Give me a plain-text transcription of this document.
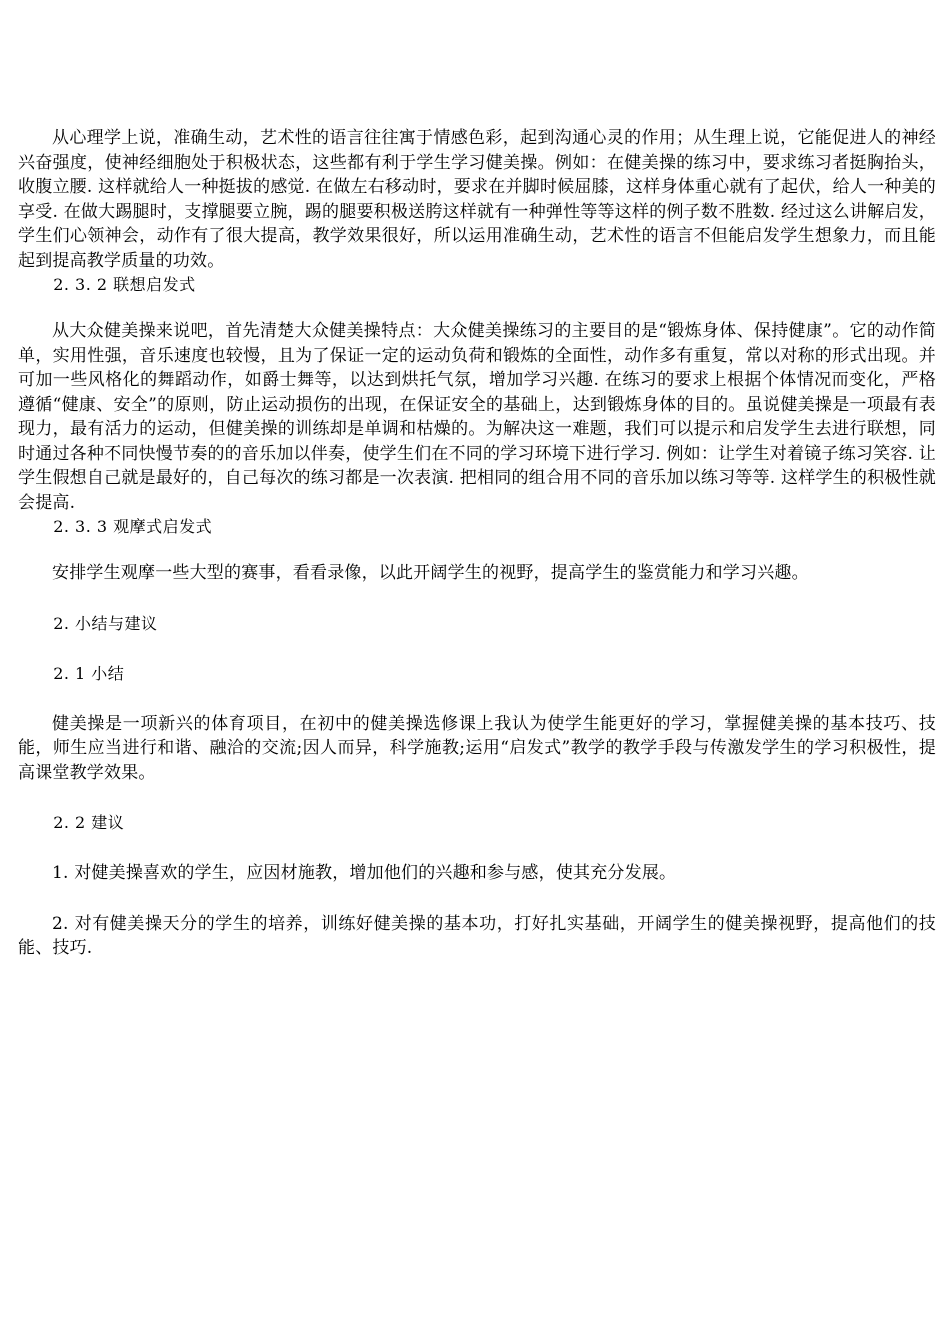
从心理学上说，准确生动，艺术性的语言往往寓于情感色彩，起到沟通心灵的作用；从生理上说，它能促进人的神经兴奋强度，使神经细胞处于积极状态，这些都有利于学生学习健美操。例如：在健美操的练习中，要求练习者挺胸抬头，收腹立腰. 这样就给人一种挺拔的感觉. 在做左右移动时，要求在并脚时候屈膝，这样身体重心就有了起伏，给人一种美的享受. 在做大踢腿时，支撑腿要立腕，踢的腿要积极送胯这样就有一种弹性等等这样的例子数不胜数. 经过这么讲解启发，学生们心领神会，动作有了很大提高，教学效果很好，所以运用准确生动，艺术性的语言不但能启发学生想象力，而且能起到提高教学质量的功效。

2. 3. 2 联想启发式

从大众健美操来说吧，首先清楚大众健美操特点：大众健美操练习的主要目的是“锻炼身体、保持健康”。它的动作简单，实用性强，音乐速度也较慢，且为了保证一定的运动负荷和锻炼的全面性，动作多有重复，常以对称的形式出现。并可加一些风格化的舞蹈动作，如爵士舞等，以达到烘托气氛，增加学习兴趣. 在练习的要求上根据个体情况而变化，严格遵循“健康、安全”的原则，防止运动损伤的出现，在保证安全的基础上，达到锻炼身体的目的。虽说健美操是一项最有表现力，最有活力的运动，但健美操的训练却是单调和枯燥的。为解决这一难题，我们可以提示和启发学生去进行联想，同时通过各种不同快慢节奏的的音乐加以伴奏，使学生们在不同的学习环境下进行学习. 例如：让学生对着镜子练习笑容. 让学生假想自己就是最好的，自己每次的练习都是一次表演. 把相同的组合用不同的音乐加以练习等等. 这样学生的积极性就会提高.

2. 3. 3 观摩式启发式

安排学生观摩一些大型的赛事，看看录像，以此开阔学生的视野，提高学生的鉴赏能力和学习兴趣。

2. 小结与建议

2. 1 小结

健美操是一项新兴的体育项目，在初中的健美操选修课上我认为使学生能更好的学习，掌握健美操的基本技巧、技能，师生应当进行和谐、融洽的交流;因人而异，科学施教;运用“启发式”教学的教学手段与传激发学生的学习积极性，提高课堂教学效果。

2. 2 建议

1. 对健美操喜欢的学生，应因材施教，增加他们的兴趣和参与感，使其充分发展。

2. 对有健美操天分的学生的培养，训练好健美操的基本功，打好扎实基础，开阔学生的健美操视野，提高他们的技能、技巧.
